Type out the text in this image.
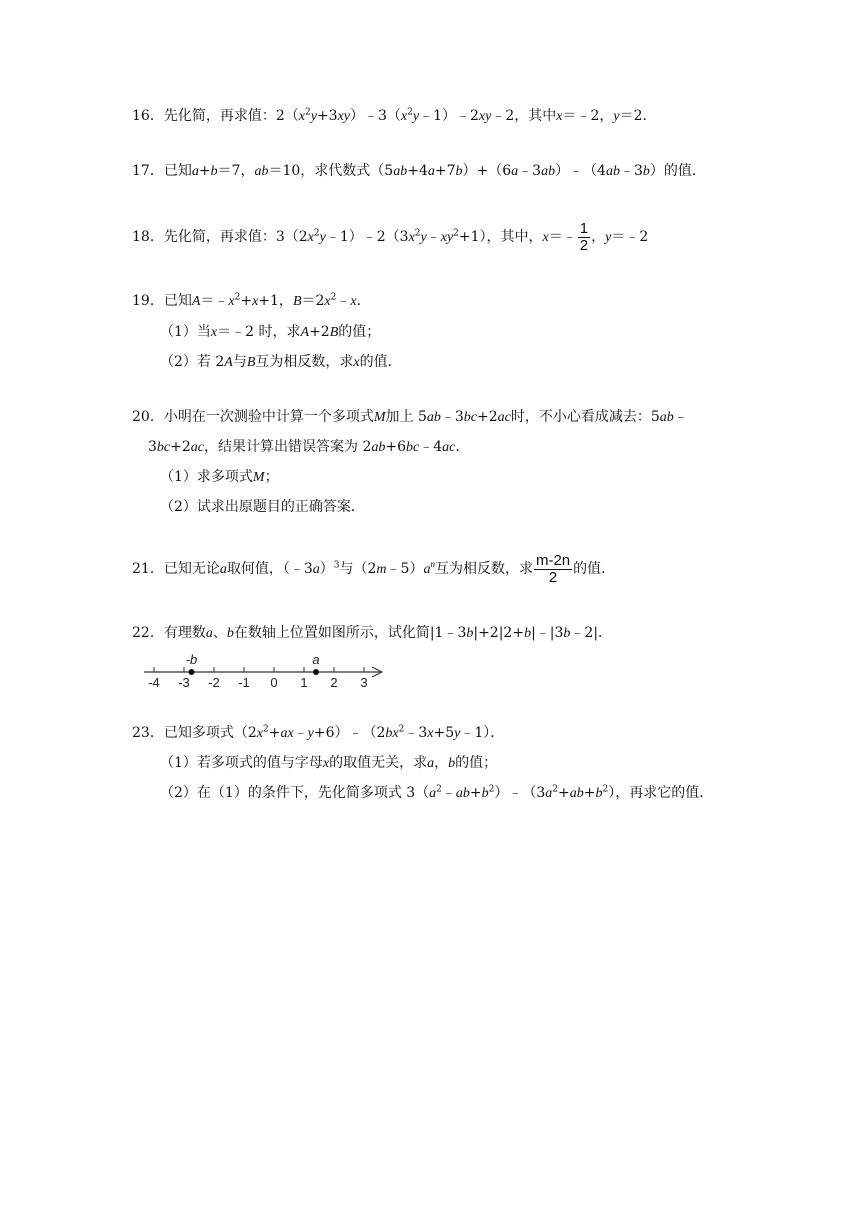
16．先化简，再求值：$2(x^2y+3xy)﹣3(x^2y﹣1)﹣2xy﹣2$，其中x＝﹣2，y＝2．
17．已知a+b＝7，ab＝10，求代数式（5ab+4a+7b）+（6a﹣3ab）﹣（4ab﹣3b）的值．
18．先化简，再求值：$3(2x^2y﹣1)﹣2(3x^2y﹣xy^2+1)$，其中，x＝﹣ $\frac{1}{2}$ ，y＝﹣2
19．已知$A=﹣x^2+x+1$，$B=2x^2﹣x$．
（1）当x＝﹣2 时，求A+2B的值；
（2）若 2A与B互为相反数，求x的值．
20．小明在一次测验中计算一个多项式M加上 5ab﹣3bc+2ac时，不小心看成减去：5ab﹣
3bc+2ac，结果计算出错误答案为 2ab+6bc﹣4ac．
（1）求多项式M；
（2）试求出原题目的正确答案．
21．已知无论a取何值，（﹣3a）$^3$与$(2m﹣5)a^n$互为相反数，求 $\frac{m-2n}{2}$ 的值．
22．有理数a、b在数轴上位置如图所示，试化简|1﹣3b|+2|2+b|﹣|3b﹣2|．
-4 -3 -2 -1 0 1 2 3
-b	a
23．已知多项式$(2x^2+ax﹣y+6)﹣(2bx^2﹣3x+5y﹣1)$．
（1）若多项式的值与字母x的取值无关，求a，b的值；
（2）在（1）的条件下，先化简多项式 $3(a^2﹣ab+b^2)﹣(3a^2+ab+b^2)$，再求它的值．
